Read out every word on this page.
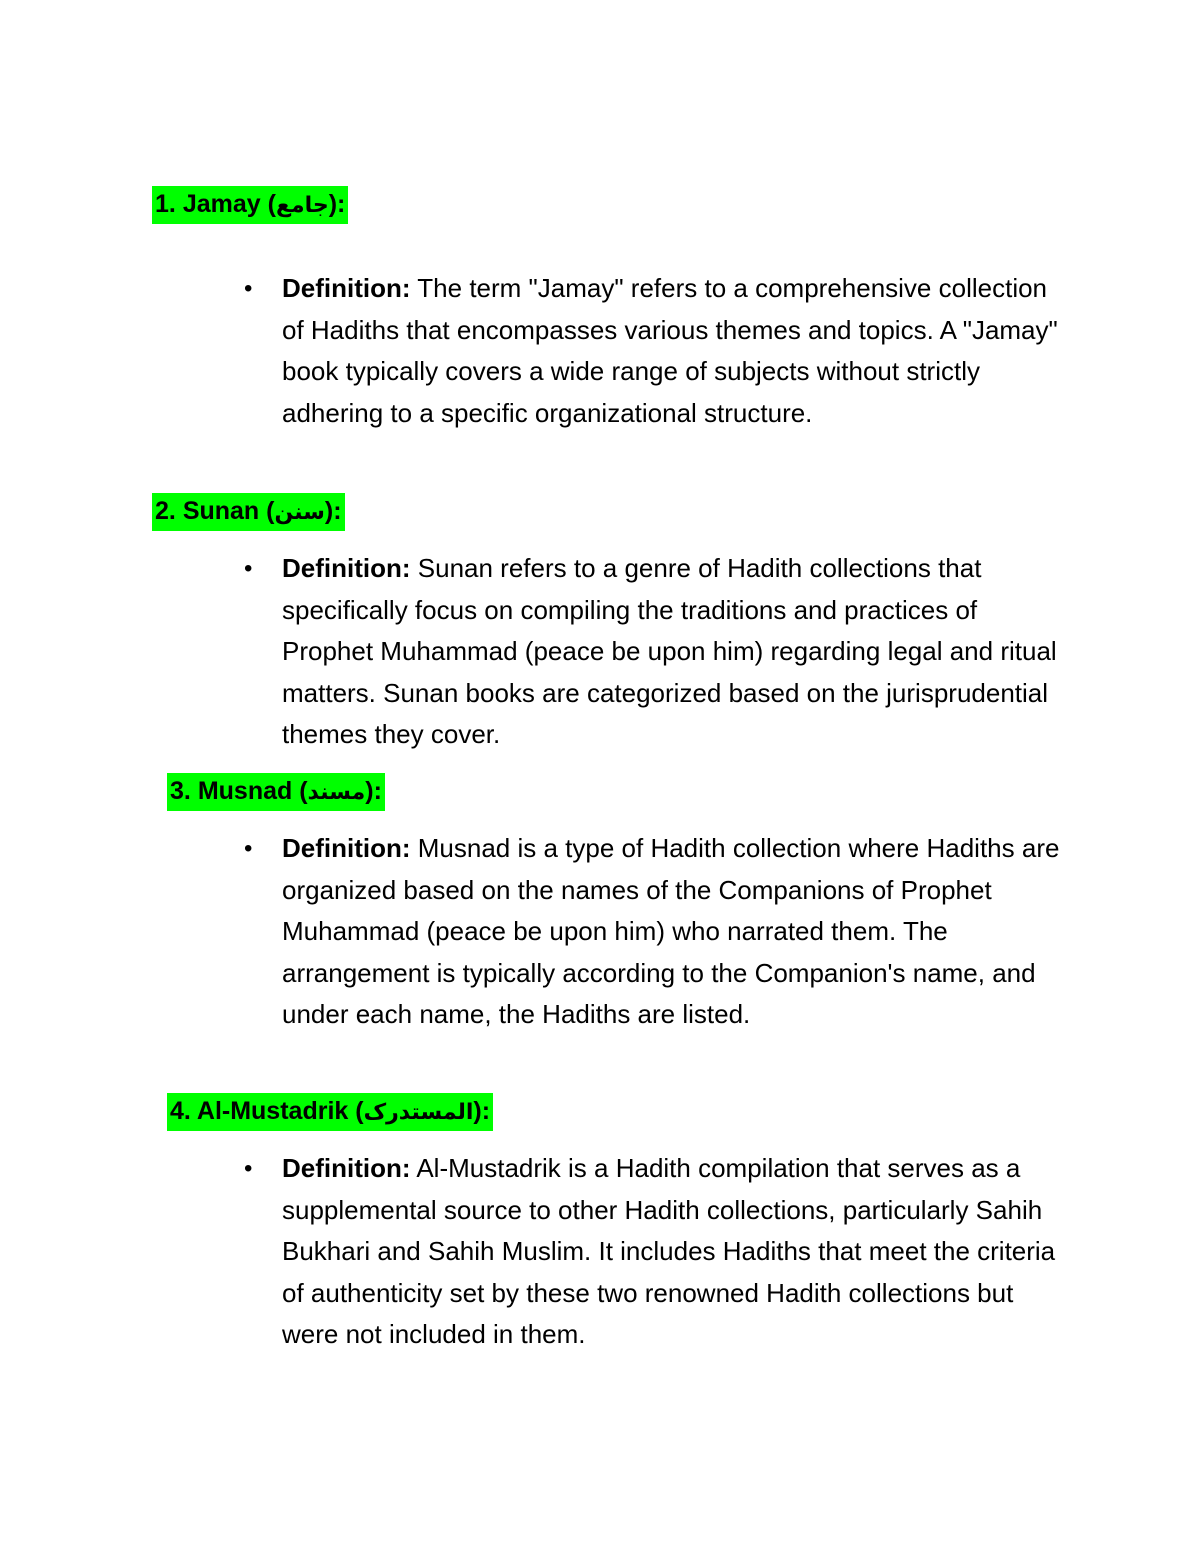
1. Jamay (جامع):
•	Definition: The term "Jamay" refers to a comprehensive collection of Hadiths that encompasses various themes and topics. A "Jamay" book typically covers a wide range of subjects without strictly adhering to a specific organizational structure.
2. Sunan (سنن):
•	Definition: Sunan refers to a genre of Hadith collections that specifically focus on compiling the traditions and practices of Prophet Muhammad (peace be upon him) regarding legal and ritual matters. Sunan books are categorized based on the jurisprudential themes they cover.
3. Musnad (مسند):
•	Definition: Musnad is a type of Hadith collection where Hadiths are organized based on the names of the Companions of Prophet Muhammad (peace be upon him) who narrated them. The arrangement is typically according to the Companion's name, and under each name, the Hadiths are listed.
4. Al-Mustadrik (المستدرک):
•	Definition: Al-Mustadrik is a Hadith compilation that serves as a supplemental source to other Hadith collections, particularly Sahih Bukhari and Sahih Muslim. It includes Hadiths that meet the criteria of authenticity set by these two renowned Hadith collections but were not included in them.
